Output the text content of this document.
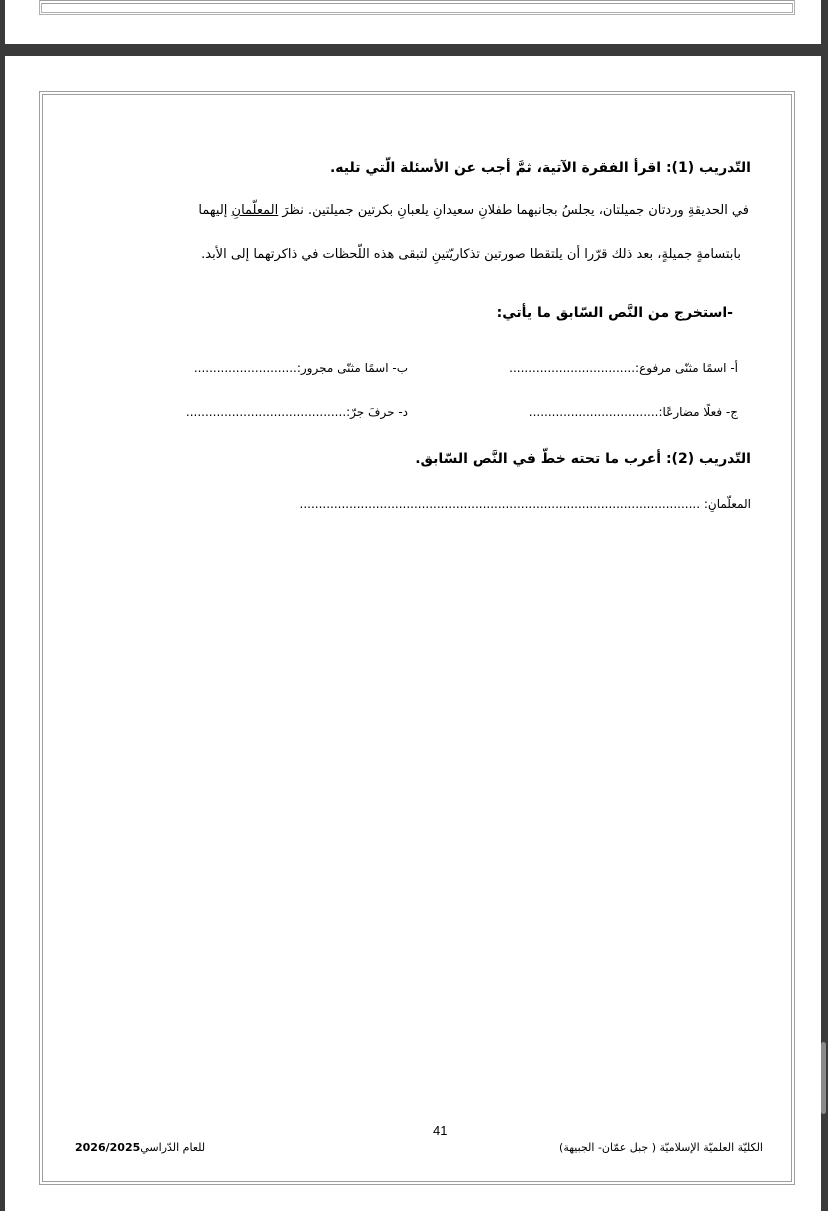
التّدريب (1): اقرأ الفقرة الآتية، ثمَّ أجب عن الأسئلة الّتي تليه.
في الحديقةِ وردتان جميلتان، يجلسُ بجانبهما طفلانِ سعيدانِ يلعبانِ بكرتين جميلتين. نظرَ المعلّمانِ إليهما
بابتسامةٍ جميلةٍ، بعد ذلك قرّرا أن يلتقطا صورتين تذكاريّتينِ لتبقى هذه اللّحظات في ذاكرتهما إلى الأبد.
-استخرج من النَّص السّابق ما يأتي:
أ- اسمًا مثنّى مرفوع:.................................
ب- اسمًا مثنّى مجرور:...........................
ج- فعلًا مضارعًا:..................................
د- حرفَ جرّ:..........................................
التّدريب (2): أعرب ما تحته خطّ في النَّص السّابق.
المعلّمانِ: .........................................................................................................
41
الكليّة العلميّة الإسلاميّة ( جبل عمّان- الجبيهة)
2026/2025للعام الدّراسي
